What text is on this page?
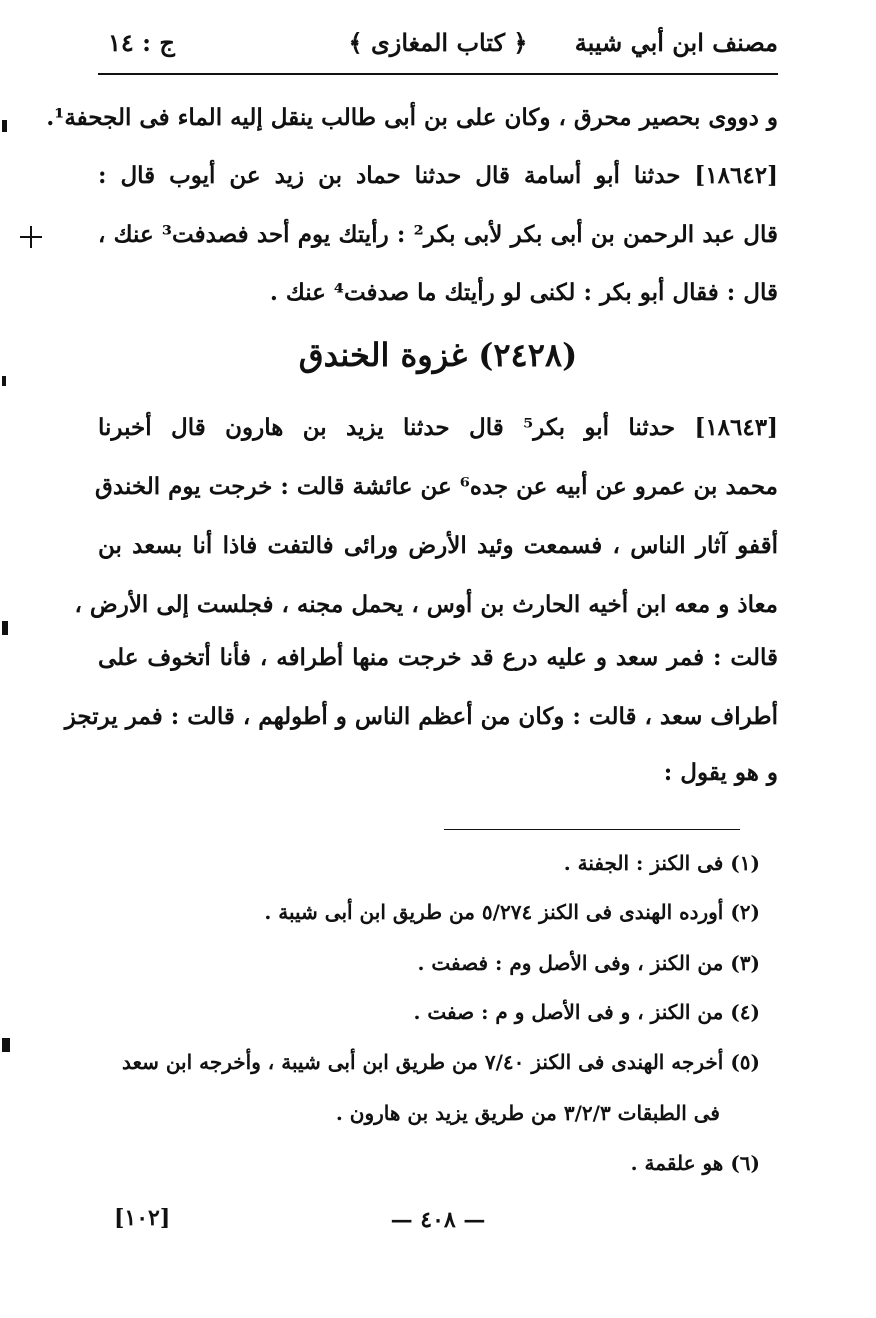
مصنف ابن أبي شيبة
﴿ كتاب المغازى ﴾
ج : ١٤
و دووى بحصير محرق ، وكان على بن أبى طالب ينقل إليه الماء فى الجحفة¹.
[١٨٦٤٢] حدثنا أبو أسامة قال حدثنا حماد بن زيد عن أيوب قال :
قال عبد الرحمن بن أبى بكر لأبى بكر² : رأيتك يوم أحد فصدفت³ عنك ،
قال : فقال أبو بكر : لكنى لو رأيتك ما صدفت⁴ عنك .
(٢٤٢٨) غزوة الخندق
[١٨٦٤٣] حدثنا أبو بكر⁵ قال حدثنا يزيد بن هارون قال أخبرنا
محمد بن عمرو عن أبيه عن جده⁶ عن عائشة قالت : خرجت يوم الخندق
أقفو آثار الناس ، فسمعت وئيد الأرض ورائى فالتفت فاذا أنا بسعد بن
معاذ و معه ابن أخيه الحارث بن أوس ، يحمل مجنه ، فجلست إلى الأرض ،
قالت : فمر سعد و عليه درع قد خرجت منها أطرافه ، فأنا أتخوف على
أطراف سعد ، قالت : وكان من أعظم الناس و أطولهم ، قالت : فمر يرتجز
و هو يقول :
(١) فى الكنز : الجفنة .
(٢) أورده الهندى فى الكنز ٥/٢٧٤ من طريق ابن أبى شيبة .
(٣) من الكنز ، وفى الأصل وم : فصفت .
(٤) من الكنز ، و فى الأصل و م : صفت .
(٥) أخرجه الهندى فى الكنز ٧/٤٠ من طريق ابن أبى شيبة ، وأخرجه ابن سعد
فى الطبقات ٣/٢/٣ من طريق يزيد بن هارون .
(٦) هو علقمة .
[١٠٢]	— ٤٠٨ —
